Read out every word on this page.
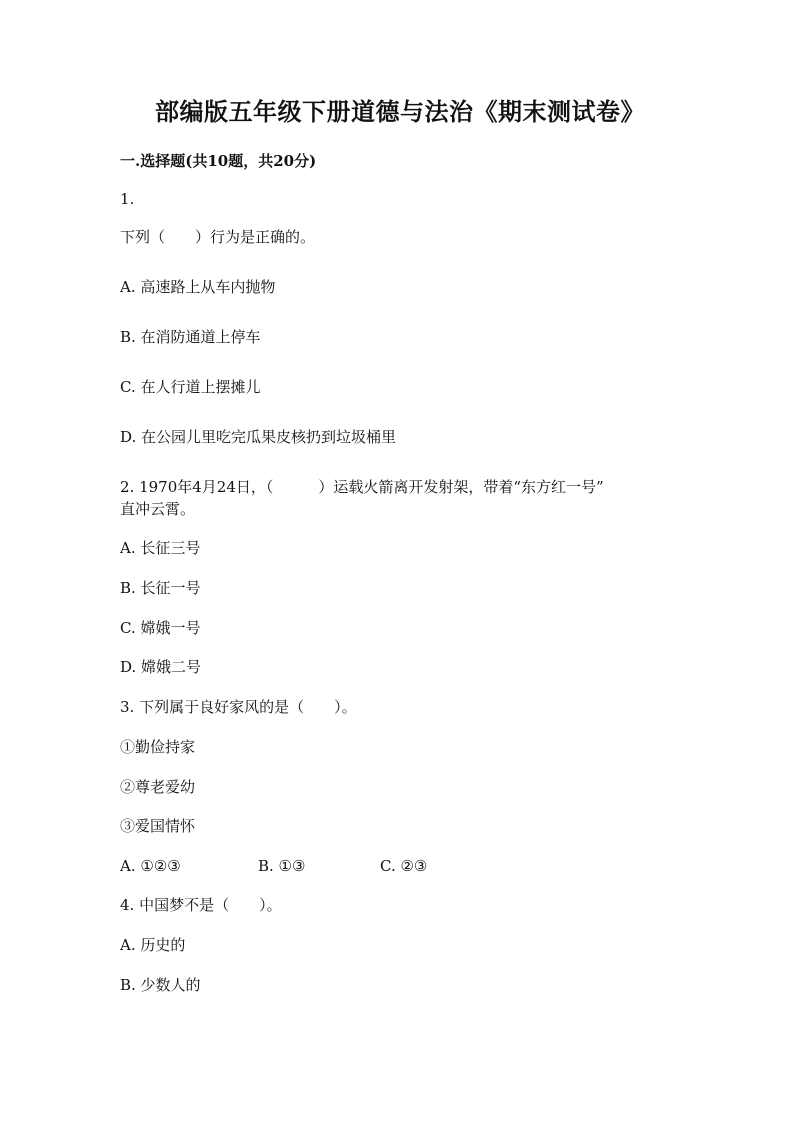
部编版五年级下册道德与法治《期末测试卷》
一.选择题(共10题，共20分)
1.
下列（　　）行为是正确的。
A. 高速路上从车内抛物
B. 在消防通道上停车
C. 在人行道上摆摊儿
D. 在公园儿里吃完瓜果皮核扔到垃圾桶里
2. 1970年4月24日，（　　　）运载火箭离开发射架，带着“东方红一号”
直冲云霄。
A. 长征三号
B. 长征一号
C. 嫦娥一号
D. 嫦娥二号
3. 下列属于良好家风的是（　　）。
①勤俭持家
②尊老爱幼
③爱国情怀
A. ①②③	B. ①③	C. ②③
4. 中国梦不是（　　）。
A. 历史的
B. 少数人的
